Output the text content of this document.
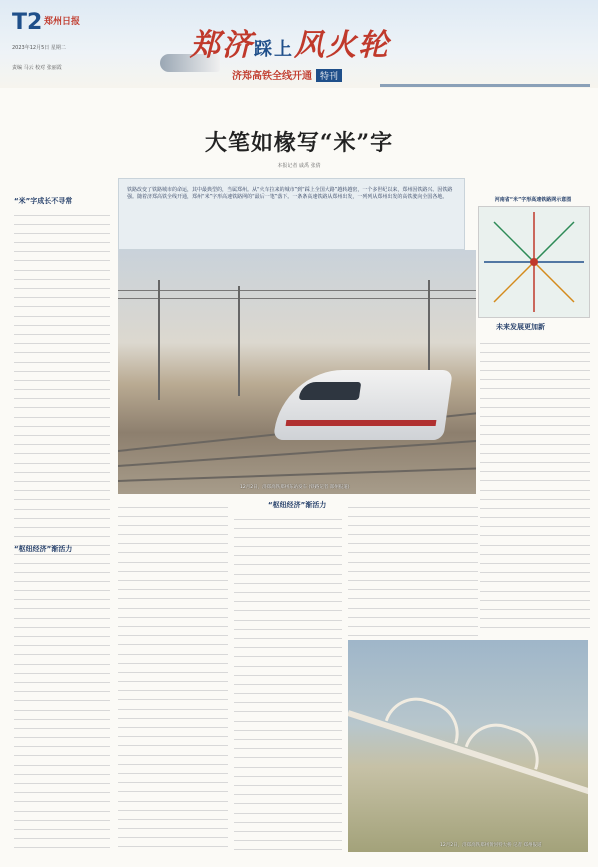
T2 郑州日报
2023年12月5日 星期二
责编 马云 校对 张丽霞
郑济踩上风火轮
济郑高铁全线开通 特刊
大笔如椽写“米”字
本报记者 戚禹 张倩
铁路改变了铁路城市的命运，其中最典型的，当属郑州。从“火车拉来的城市”到“踩上全国大路”越转越密，一个多世纪以来，郑州因铁路兴、因铁路强。随着济郑高铁全线开通，郑州“米”字形高速铁路网的“最后一笔”落下。一条条高速铁路从郑州出发，一列列从郑州出发的高铁驶向全国各地。
“米”字成长不寻常
“枢纽经济”渐活力
12月2日，济郑高铁郑州东站发车 (铁路记者 郑州报道)
河南省“米”字形高速铁路网示意图
未来发展更加新
“枢纽经济”渐活力
12月2日，济郑高铁郑州黄河特大桥 记者 郑州报道
